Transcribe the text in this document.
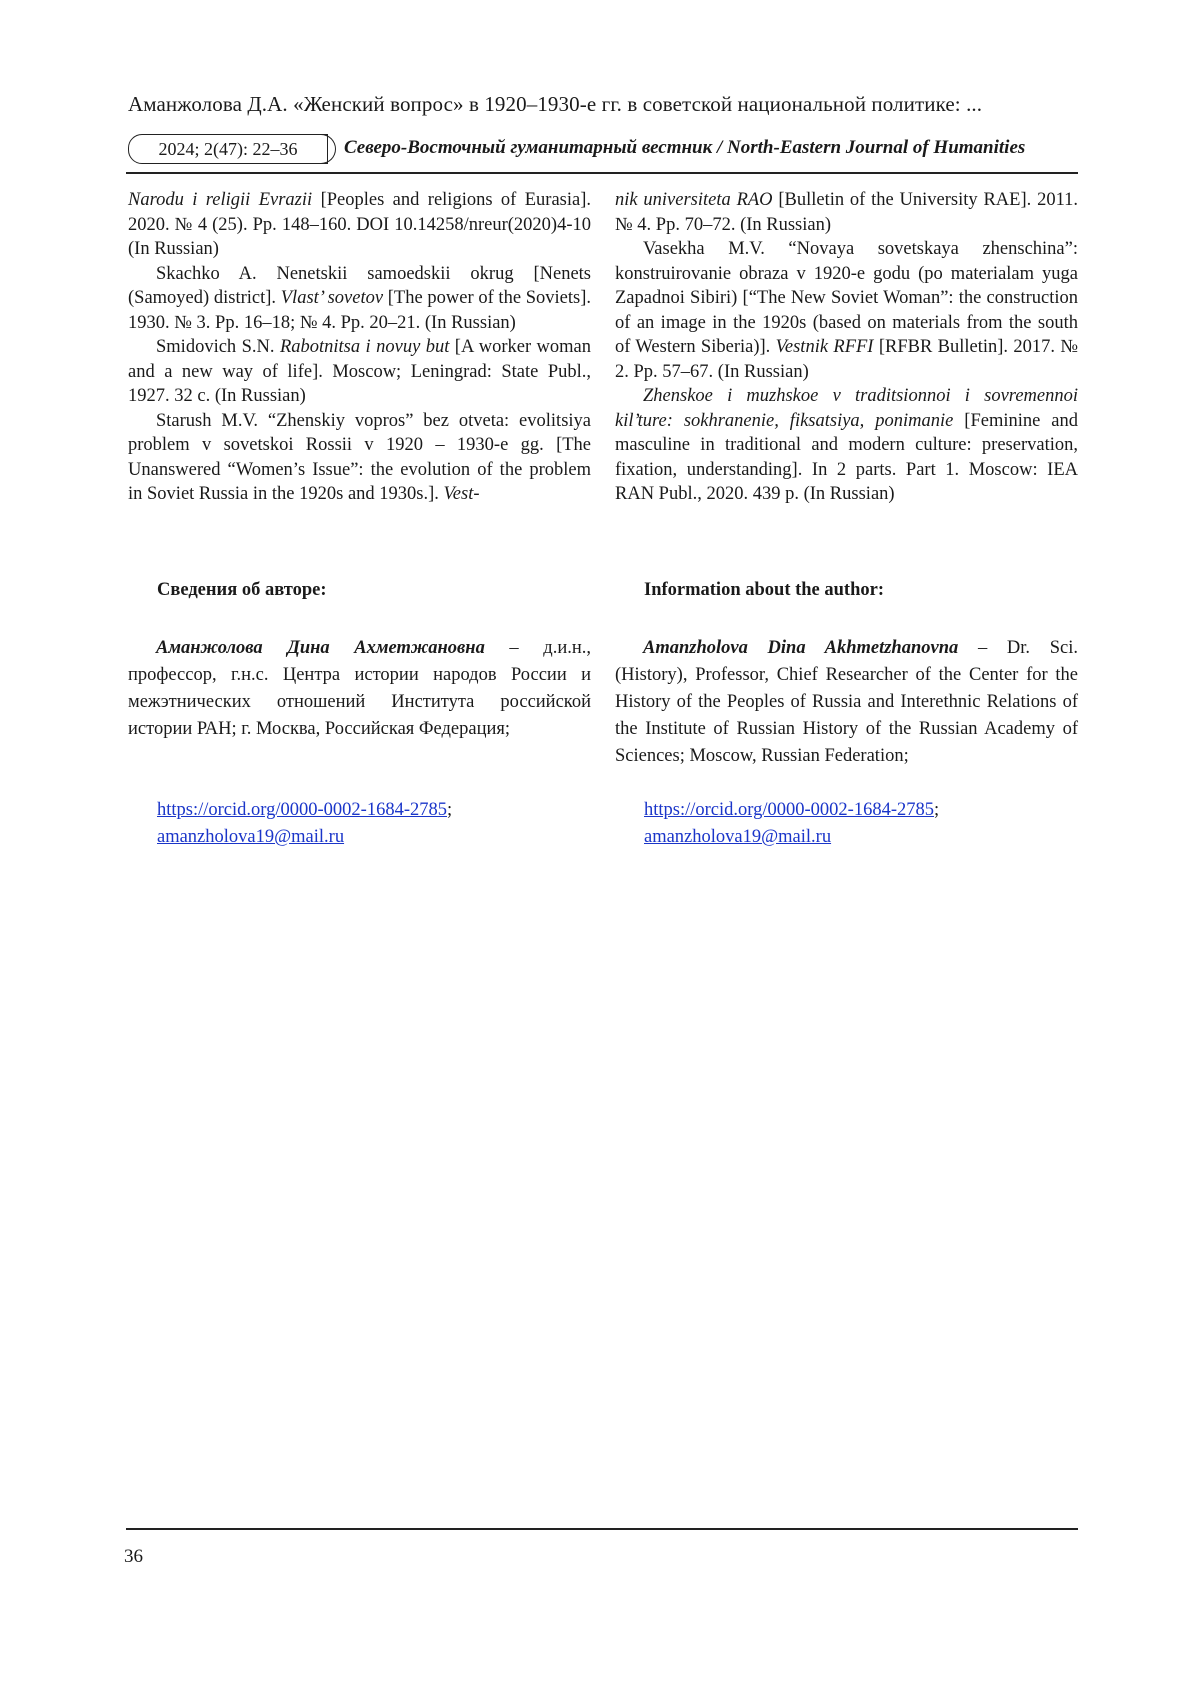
Аманжолова Д.А. «Женский вопрос» в 1920–1930-е гг. в советской национальной политике: ...
2024; 2(47): 22–36	Северо-Восточный гуманитарный вестник / North-Eastern Journal of Humanities

Narodu i religii Evrazii [Peoples and religions of Eurasia]. 2020. № 4 (25). Pp. 148–160. DOI 10.14258/nreur(2020)4-10 (In Russian)

Skachko A. Nenetskii samoedskii okrug [Nenets (Samoyed) district]. Vlast’ sovetov [The power of the Soviets]. 1930. № 3. Pp. 16–18; № 4. Pp. 20–21. (In Russian)

Smidovich S.N. Rabotnitsa i novuy but [A worker woman and a new way of life]. Moscow; Leningrad: State Publ., 1927. 32 c. (In Russian)

Starush M.V. “Zhenskiy vopros” bez otveta: evolitsiya problem v sovetskoi Rossii v 1920 – 1930-e gg. [The Unanswered “Women’s Issue”: the evolution of the problem in Soviet Russia in the 1920s and 1930s.]. Vest-

nik universiteta RAO [Bulletin of the University RAE]. 2011. № 4. Pp. 70–72. (In Russian)

Vasekha M.V. “Novaya sovetskaya zhenschina”: konstruirovanie obraza v 1920-e godu (po materialam yuga Zapadnoi Sibiri) [“The New Soviet Woman”: the construction of an image in the 1920s (based on materials from the south of Western Siberia)]. Vestnik RFFI [RFBR Bulletin]. 2017. № 2. Pp. 57–67. (In Russian)

Zhenskoe i muzhskoe v traditsionnoi i sovremennoi kil’ture: sokhranenie, fiksatsiya, ponimanie [Feminine and masculine in traditional and modern culture: preservation, fixation, understanding]. In 2 parts. Part 1. Moscow: IEA RAN Publ., 2020. 439 p. (In Russian)

Сведения об авторе:
Аманжолова Дина Ахметжановна – д.и.н., профессор, г.н.с. Центра истории народов России и межэтнических отношений Института российской истории РАН; г. Москва, Российская Федерация;
https://orcid.org/0000-0002-1684-2785;
amanzholova19@mail.ru
Information about the author:
Amanzholova Dina Akhmetzhanovna – Dr. Sci. (History), Professor, Chief Researcher of the Center for the History of the Peoples of Russia and Interethnic Relations of the Institute of Russian History of the Russian Academy of Sciences; Moscow, Russian Federation;
https://orcid.org/0000-0002-1684-2785;
amanzholova19@mail.ru
36
